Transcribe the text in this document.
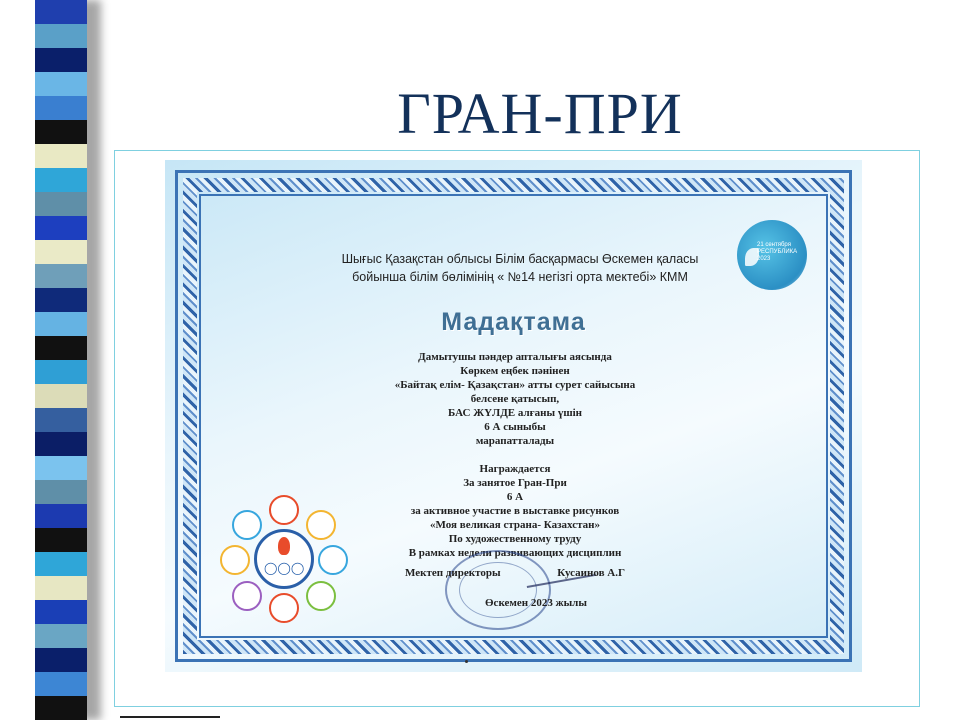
ГРАН-ПРИ
21 сентября РЕСПУБЛИКА 2023
Шығыс Қазақстан облысы Білім басқармасы Өскемен қаласы
бойынша білім бөлімінің « №14 негізгі орта мектебі» КММ
Мадақтама
Дамытушы пәндер апталығы аясында
Көркем еңбек пәнінен
«Байтақ елім- Қазақстан» атты сурет сайысына
белсене қатысып,
БАС ЖҮЛДЕ алғаны үшін
6 А сыныбы
марапатталады
Награждается
За занятое Гран-При
6 А
за активное участие в выставке рисунков
«Моя великая страна- Казахстан»
По художественному труду
В рамках недели развивающих дисциплин
Мектеп директоры	Кусаинов А.Г
Өскемен 2023 жылы
◯◯◯
